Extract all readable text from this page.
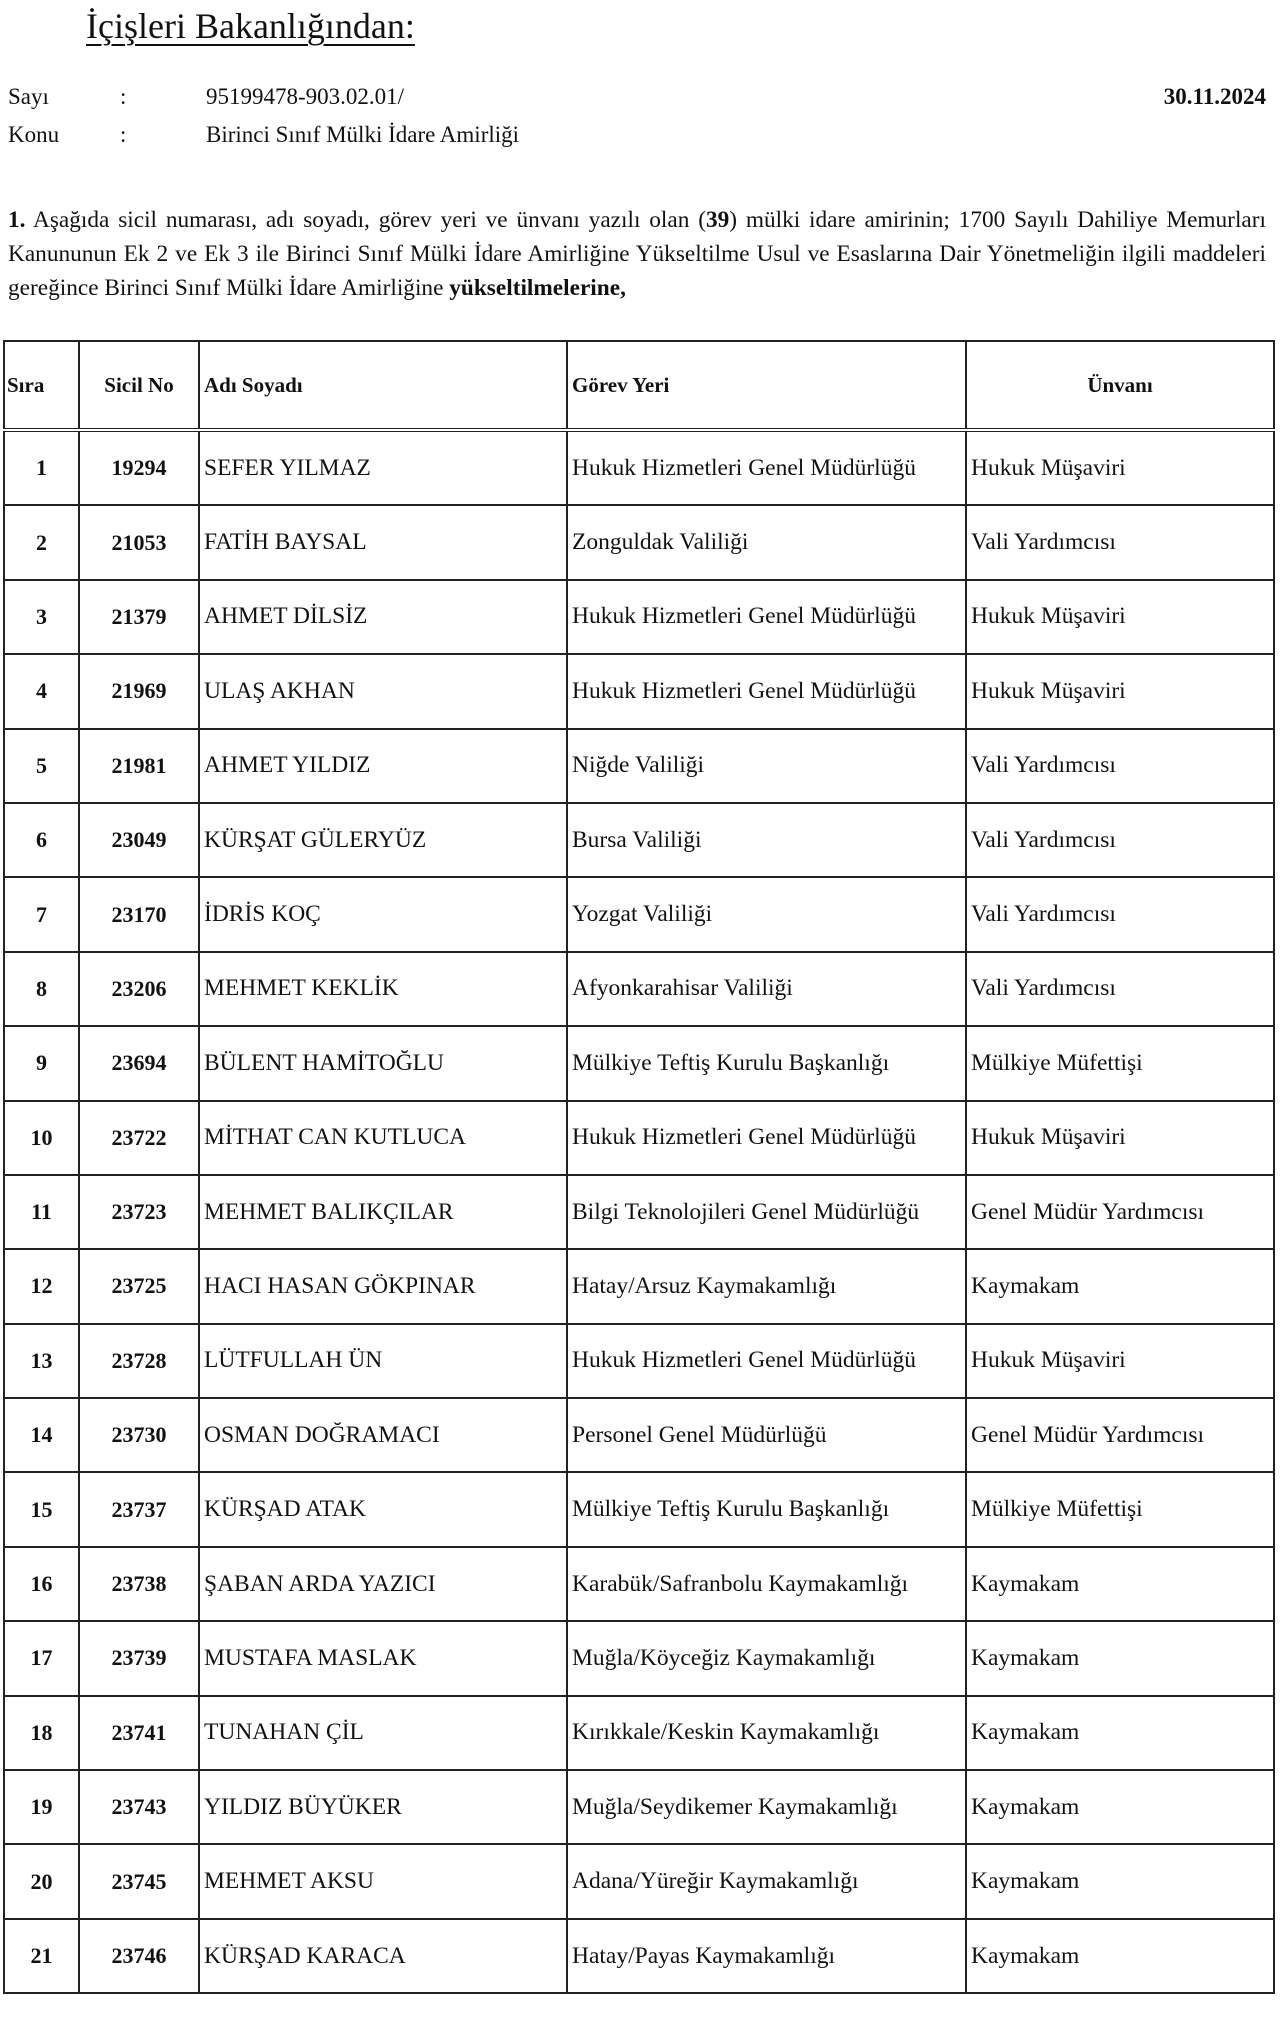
İçişleri Bakanlığından:
Sayı	:	95199478-903.02.01/	30.11.2024
Konu	:	Birinci Sınıf Mülki İdare Amirliği

1. Aşağıda sicil numarası, adı soyadı, görev yeri ve ünvanı yazılı olan (39) mülki idare amirinin; 1700 Sayılı Dahiliye Memurları Kanununun Ek 2 ve Ek 3 ile Birinci Sınıf Mülki İdare Amirliğine Yükseltilme Usul ve Esaslarına Dair Yönetmeliğin ilgili maddeleri gereğince Birinci Sınıf Mülki İdare Amirliğine yükseltilmelerine,

Sıra	Sicil No	Adı Soyadı	Görev Yeri	Ünvanı
1	19294	SEFER YILMAZ	Hukuk Hizmetleri Genel Müdürlüğü	Hukuk Müşaviri
2	21053	FATİH BAYSAL	Zonguldak Valiliği	Vali Yardımcısı
3	21379	AHMET DİLSİZ	Hukuk Hizmetleri Genel Müdürlüğü	Hukuk Müşaviri
4	21969	ULAŞ AKHAN	Hukuk Hizmetleri Genel Müdürlüğü	Hukuk Müşaviri
5	21981	AHMET YILDIZ	Niğde Valiliği	Vali Yardımcısı
6	23049	KÜRŞAT GÜLERYÜZ	Bursa Valiliği	Vali Yardımcısı
7	23170	İDRİS KOÇ	Yozgat Valiliği	Vali Yardımcısı
8	23206	MEHMET KEKLİK	Afyonkarahisar Valiliği	Vali Yardımcısı
9	23694	BÜLENT HAMİTOĞLU	Mülkiye Teftiş Kurulu Başkanlığı	Mülkiye Müfettişi
10	23722	MİTHAT CAN KUTLUCA	Hukuk Hizmetleri Genel Müdürlüğü	Hukuk Müşaviri
11	23723	MEHMET BALIKÇILAR	Bilgi Teknolojileri Genel Müdürlüğü	Genel Müdür Yardımcısı
12	23725	HACI HASAN GÖKPINAR	Hatay/Arsuz Kaymakamlığı	Kaymakam
13	23728	LÜTFULLAH ÜN	Hukuk Hizmetleri Genel Müdürlüğü	Hukuk Müşaviri
14	23730	OSMAN DOĞRAMACI	Personel Genel Müdürlüğü	Genel Müdür Yardımcısı
15	23737	KÜRŞAD ATAK	Mülkiye Teftiş Kurulu Başkanlığı	Mülkiye Müfettişi
16	23738	ŞABAN ARDA YAZICI	Karabük/Safranbolu Kaymakamlığı	Kaymakam
17	23739	MUSTAFA MASLAK	Muğla/Köyceğiz Kaymakamlığı	Kaymakam
18	23741	TUNAHAN ÇİL	Kırıkkale/Keskin Kaymakamlığı	Kaymakam
19	23743	YILDIZ BÜYÜKER	Muğla/Seydikemer Kaymakamlığı	Kaymakam
20	23745	MEHMET AKSU	Adana/Yüreğir Kaymakamlığı	Kaymakam
21	23746	KÜRŞAD KARACA	Hatay/Payas Kaymakamlığı	Kaymakam
